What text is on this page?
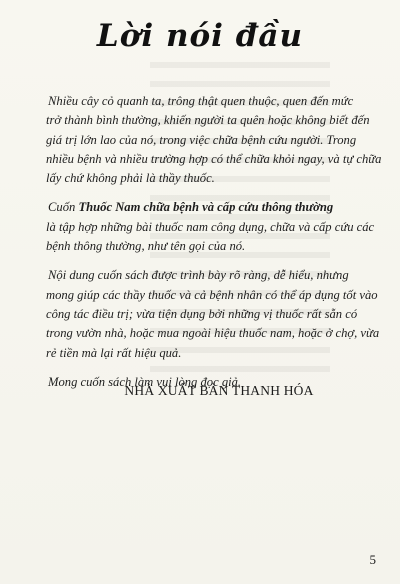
Lời nói đầu

Nhiều cây cỏ quanh ta, trông thật quen thuộc, quen đến mức
trở thành bình thường, khiến người ta quên hoặc không biết đến
giá trị lớn lao của nó, trong việc chữa bệnh cứu người. Trong
nhiều bệnh và nhiều trường hợp có thể chữa khỏi ngay, và tự chữa
lấy chứ không phải là thầy thuốc.

Cuốn Thuốc Nam chữa bệnh và cấp cứu thông thường
là tập hợp những bài thuốc nam công dụng, chữa và cấp cứu các
bệnh thông thường, như tên gọi của nó.

Nội dung cuốn sách được trình bày rõ ràng, dễ hiểu, nhưng
mong giúp các thầy thuốc và cả bệnh nhân có thể áp dụng tốt vào
công tác điều trị; vừa tiện dụng bởi những vị thuốc rất sẵn có
trong vườn nhà, hoặc mua ngoài hiệu thuốc nam, hoặc ở chợ, vừa
rẻ tiền mà lại rất hiệu quả.

Mong cuốn sách làm vui lòng đọc giả.

NHÀ XUẤT BẢN THANH HÓA
5
